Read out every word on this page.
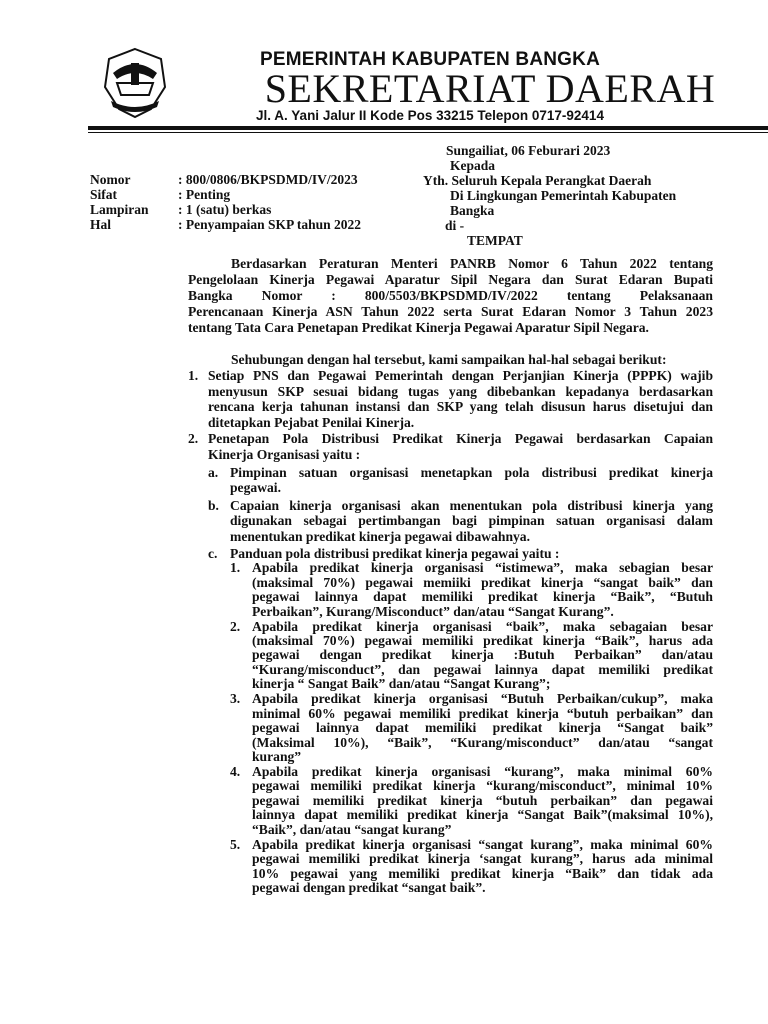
PEMERINTAH KABUPATEN BANGKA
SEKRETARIAT DAERAH
Jl. A. Yani Jalur II Kode Pos 33215 Telepon 0717-92414
Nomor	: 800/0806/BKPSDMD/IV/2023
Sifat	: Penting
Lampiran : 1 (satu) berkas
Hal	: Penyampaian SKP tahun 2022
Sungailiat, 06 Feburari 2023
Kepada
Yth. Seluruh Kepala Perangkat Daerah
Di Lingkungan Pemerintah Kabupaten
Bangka
di -
TEMPAT
Berdasarkan Peraturan Menteri PANRB Nomor 6 Tahun 2022 tentang
Pengelolaan Kinerja Pegawai Aparatur Sipil Negara dan Surat Edaran Bupati
Bangka Nomor : 800/5503/BKPSDMD/IV/2022 tentang Pelaksanaan
Perencanaan Kinerja ASN Tahun 2022 serta Surat Edaran Nomor 3 Tahun 2023
tentang Tata Cara Penetapan Predikat Kinerja Pegawai Aparatur Sipil Negara.
Sehubungan dengan hal tersebut, kami sampaikan hal-hal sebagai berikut:
1. Setiap PNS dan Pegawai Pemerintah dengan Perjanjian Kinerja (PPPK) wajib
menyusun SKP sesuai bidang tugas yang dibebankan kepadanya berdasarkan
rencana kerja tahunan instansi dan SKP yang telah disusun harus disetujui dan
ditetapkan Pejabat Penilai Kinerja.
2. Penetapan Pola Distribusi Predikat Kinerja Pegawai berdasarkan Capaian
Kinerja Organisasi yaitu :
a. Pimpinan satuan organisasi menetapkan pola distribusi predikat kinerja
pegawai.
b. Capaian kinerja organisasi akan menentukan pola distribusi kinerja yang
digunakan sebagai pertimbangan bagi pimpinan satuan organisasi dalam
menentukan predikat kinerja pegawai dibawahnya.
c. Panduan pola distribusi predikat kinerja pegawai yaitu :
1. Apabila predikat kinerja organisasi “istimewa”, maka sebagian besar
(maksimal 70%) pegawai memiiki predikat kinerja “sangat baik” dan
pegawai lainnya dapat memiliki predikat kinerja “Baik”, “Butuh
Perbaikan”, Kurang/Misconduct” dan/atau “Sangat Kurang”.
2. Apabila predikat kinerja organisasi “baik”, maka sebagaian besar
(maksimal 70%) pegawai memiliki predikat kinerja “Baik”, harus ada
pegawai dengan predikat kinerja :Butuh Perbaikan” dan/atau
“Kurang/misconduct”, dan pegawai lainnya dapat memiliki predikat
kinerja “ Sangat Baik” dan/atau “Sangat Kurang”;
3. Apabila predikat kinerja organisasi “Butuh Perbaikan/cukup”, maka
minimal 60% pegawai memiliki predikat kinerja “butuh perbaikan” dan
pegawai lainnya dapat memiliki predikat kinerja “Sangat baik”
(Maksimal 10%), “Baik”, “Kurang/misconduct” dan/atau “sangat
kurang”
4. Apabila predikat kinerja organisasi “kurang”, maka minimal 60%
pegawai memiliki predikat kinerja “kurang/misconduct”, minimal 10%
pegawai memiliki predikat kinerja “butuh perbaikan” dan pegawai
lainnya dapat memiliki predikat kinerja “Sangat Baik”(maksimal 10%),
“Baik”, dan/atau “sangat kurang”
5. Apabila predikat kinerja organisasi “sangat kurang”, maka minimal 60%
pegawai memiliki predikat kinerja ‘sangat kurang”, harus ada minimal
10% pegawai yang memiliki predikat kinerja “Baik” dan tidak ada
pegawai dengan predikat “sangat baik”.
